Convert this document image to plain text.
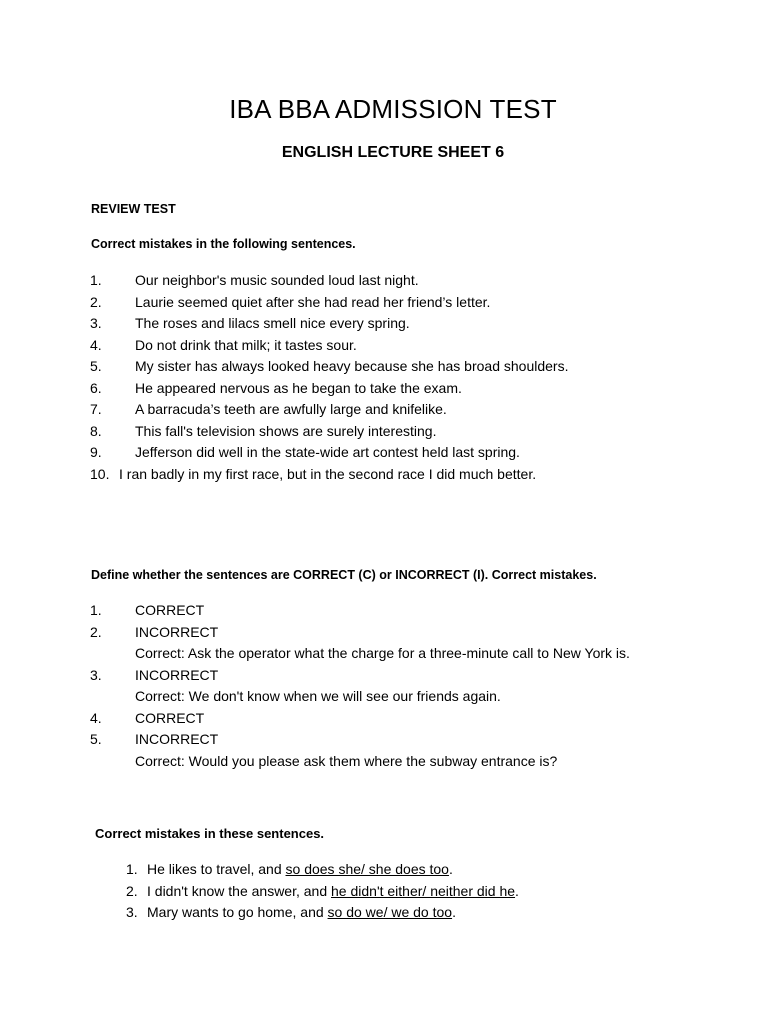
IBA BBA ADMISSION TEST
ENGLISH LECTURE SHEET 6

REVIEW TEST

Correct mistakes in the following sentences.

1. Our neighbor's music sounded loud last night.
2. Laurie seemed quiet after she had read her friend’s letter.
3. The roses and lilacs smell nice every spring.
4. Do not drink that milk; it tastes sour.
5. My sister has always looked heavy because she has broad shoulders.
6. He appeared nervous as he began to take the exam.
7. A barracuda’s teeth are awfully large and knifelike.
8. This fall's television shows are surely interesting.
9. Jefferson did well in the state-wide art contest held last spring.
10. I ran badly in my first race, but in the second race I did much better.

Define whether the sentences are CORRECT (C) or INCORRECT (I). Correct mistakes.

1. CORRECT
2. INCORRECT
Correct: Ask the operator what the charge for a three-minute call to New York is.
3. INCORRECT
Correct: We don't know when we will see our friends again.
4. CORRECT
5. INCORRECT
Correct: Would you please ask them where the subway entrance is?

Correct mistakes in these sentences.

1. He likes to travel, and so does she/ she does too.
2. I didn't know the answer, and he didn't either/ neither did he.
3. Mary wants to go home, and so do we/ we do too.
